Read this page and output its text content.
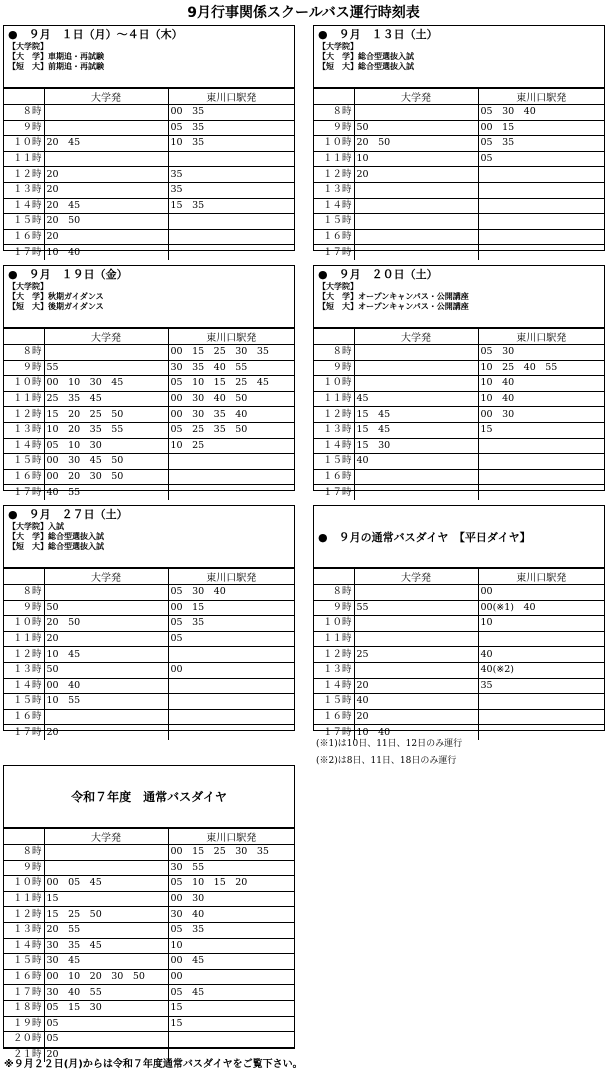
9月行事関係スクールバス運行時刻表
●　９月　１日（月）～４日（木）
【大学院】
【大　学】車期追・再試験
【短　大】前期追・再試験
	大学発	東川口駅発
８時		00　35
９時		05　35
１０時	20　45	10　35
１１時		
１２時	20	35
１３時	20	35
１４時	20　45	15　35
１５時	20　50	
１６時	20	
１７時	10　40	
●　９月　１３日（土）
【大学院】
【大　学】総合型選抜入試
【短　大】総合型選抜入試
	大学発	東川口駅発
８時		05　30　40
９時	50	00　15
１０時	20　50	05　35
１１時	10	05
１２時	20	
１３時		
１４時		
１５時		
１６時		
１７時		
●　９月　１９日（金）
【大学院】
【大　学】秋期ガイダンス
【短　大】後期ガイダンス
	大学発	東川口駅発
８時		00　15　25　30　35
９時	55	30　35　40　55
１０時	00　10　30　45	05　10　15　25　45
１１時	25　35　45	00　30　40　50
１２時	15　20　25　50	00　30　35　40
１３時	10　20　35　55	05　25　35　50
１４時	05　10　30	10　25
１５時	00　30　45　50	
１６時	00　20　30　50	
１７時	40　55	
●　９月　２０日（土）
【大学院】
【大　学】オープンキャンパス・公開講座
【短　大】オープンキャンパス・公開講座
	大学発	東川口駅発
８時		05　30
９時		10　25　40　55
１０時		10　40
１１時	45	10　40
１２時	15　45	00　30
１３時	15　45	15
１４時	15　30	
１５時	40	
１６時		
１７時		
●　９月　２７日（土）
【大学院】入試
【大　学】総合型選抜入試
【短　大】総合型選抜入試
	大学発	東川口駅発
８時		05　30　40
９時	50	00　15
１０時	20　50	05　35
１１時	20	05
１２時	10　45	
１３時	50	00
１４時	00　40	
１５時	10　55	
１６時		
１７時	20	
●　９月の通常バスダイヤ　【平日ダイヤ】
	大学発	東川口駅発
８時		00
９時	55	00(※1)　40
１０時		10
１１時		
１２時	25	40
１３時		40(※2)
１４時	20	35
１５時	40	
１６時	20	
１７時	10　40	
令和７年度　通常バスダイヤ
	大学発	東川口駅発
８時		00　15　25　30　35
９時		30　55
１０時	00　05　45	05　10　15　20
１１時	15	00　30
１２時	15　25　50	30　40
１３時	20　55	05　35
１４時	30　35　45	10
１５時	30　45	00　45
１６時	00　10　20　30　50	00
１７時	30　40　55	05　45
１８時	05　15　30	15
１９時	05	15
２０時	05	
２１時	20	
(※1)は10日、11日、12日のみ運行
(※2)は8日、11日、18日のみ運行
※９月２２日(月)からは令和７年度通常バスダイヤをご覧下さい。
